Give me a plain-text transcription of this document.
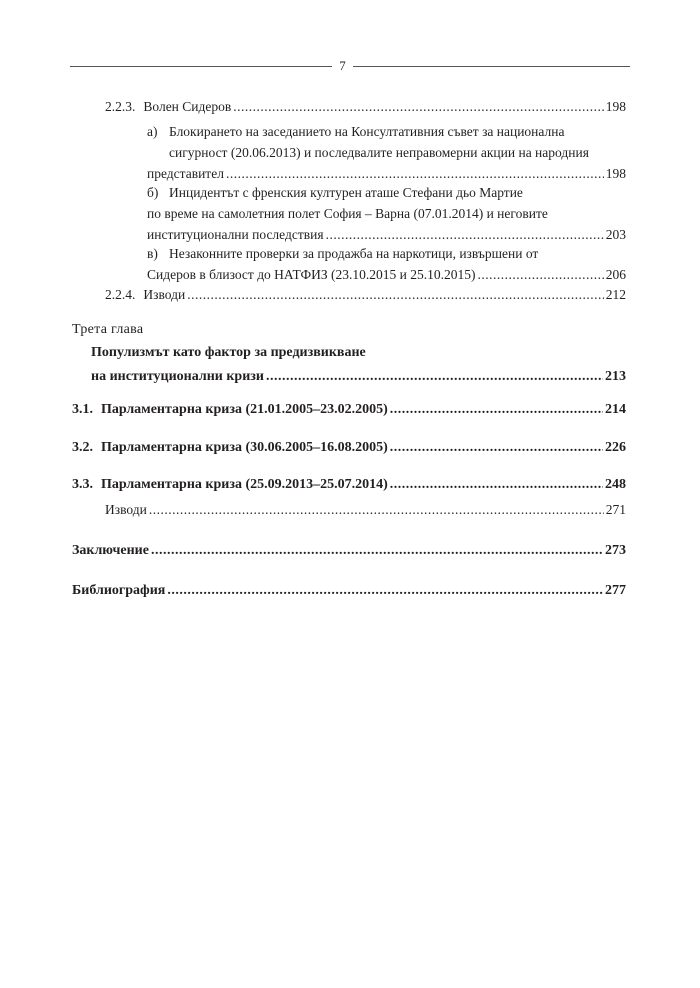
7
2.2.3. Волен Сидеров .....	198
а) Блокирането на заседанието на Консултативния съвет за национална
сигурност (20.06.2013) и последвалите неправомерни акции на народния
представител .....	198
б) Инцидентът с френския културен аташе Стефани дьо Мартие
по време на самолетния полет София – Варна (07.01.2014) и неговите
институционални последствия .....	203
в) Незаконните проверки за продажба на наркотици, извършени от
Сидеров в близост до НАТФИЗ (23.10.2015 и 25.10.2015) .....	206
2.2.4. Изводи .....	212
Трета глава
Популизмът като фактор за предизвикване
на институционални кризи .....	213
3.1. Парламентарна криза (21.01.2005–23.02.2005) .....	214
3.2. Парламентарна криза (30.06.2005–16.08.2005) .....	226
3.3. Парламентарна криза (25.09.2013–25.07.2014) .....	248
Изводи .....	271
Заключение .....	273
Библиография .....	277
